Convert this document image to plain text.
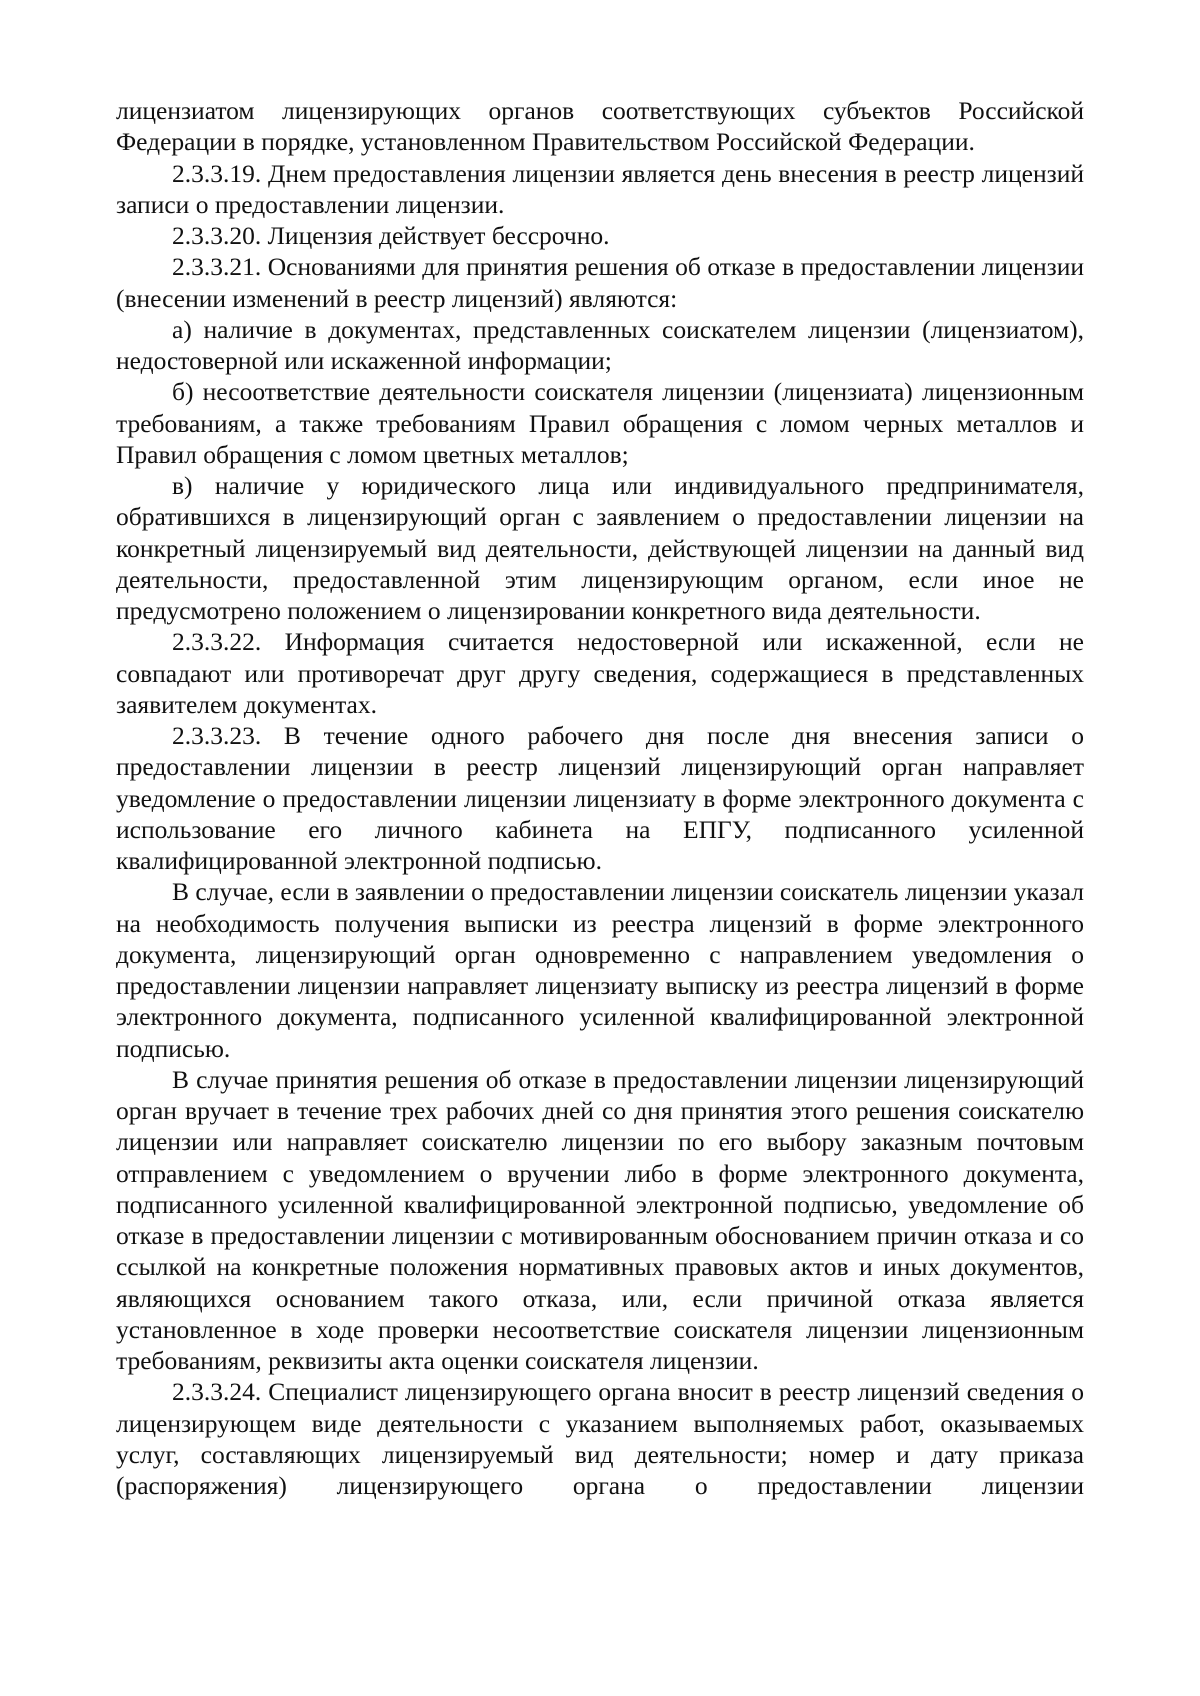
лицензиатом лицензирующих органов соответствующих субъектов Российской Федерации в порядке, установленном Правительством Российской Федерации.

2.3.3.19. Днем предоставления лицензии является день внесения в реестр лицензий записи о предоставлении лицензии.

2.3.3.20. Лицензия действует бессрочно.

2.3.3.21. Основаниями для принятия решения об отказе в предоставлении лицензии (внесении изменений в реестр лицензий) являются:

а) наличие в документах, представленных соискателем лицензии (лицензиатом), недостоверной или искаженной информации;

б) несоответствие деятельности соискателя лицензии (лицензиата) лицензионным требованиям, а также требованиям Правил обращения с ломом черных металлов и Правил обращения с ломом цветных металлов;

в) наличие у юридического лица или индивидуального предпринимателя, обратившихся в лицензирующий орган с заявлением о предоставлении лицензии на конкретный лицензируемый вид деятельности, действующей лицензии на данный вид деятельности, предоставленной этим лицензирующим органом, если иное не предусмотрено положением о лицензировании конкретного вида деятельности.

2.3.3.22. Информация считается недостоверной или искаженной, если не совпадают или противоречат друг другу сведения, содержащиеся в представленных заявителем документах.

2.3.3.23. В течение одного рабочего дня после дня внесения записи о предоставлении лицензии в реестр лицензий лицензирующий орган направляет уведомление о предоставлении лицензии лицензиату в форме электронного документа с использование его личного кабинета на ЕПГУ, подписанного усиленной квалифицированной электронной подписью.

В случае, если в заявлении о предоставлении лицензии соискатель лицензии указал на необходимость получения выписки из реестра лицензий в форме электронного документа, лицензирующий орган одновременно с направлением уведомления о предоставлении лицензии направляет лицензиату выписку из реестра лицензий в форме электронного документа, подписанного усиленной квалифицированной электронной подписью.

В случае принятия решения об отказе в предоставлении лицензии лицензирующий орган вручает в течение трех рабочих дней со дня принятия этого решения соискателю лицензии или направляет соискателю лицензии по его выбору заказным почтовым отправлением с уведомлением о вручении либо в форме электронного документа, подписанного усиленной квалифицированной электронной подписью, уведомление об отказе в предоставлении лицензии с мотивированным обоснованием причин отказа и со ссылкой на конкретные положения нормативных правовых актов и иных документов, являющихся основанием такого отказа, или, если причиной отказа является установленное в ходе проверки несоответствие соискателя лицензии лицензионным требованиям, реквизиты акта оценки соискателя лицензии.

2.3.3.24. Специалист лицензирующего органа вносит в реестр лицензий сведения о лицензирующем виде деятельности с указанием выполняемых работ, оказываемых услуг, составляющих лицензируемый вид деятельности; номер и дату приказа (распоряжения) лицензирующего органа о предоставлении лицензии
